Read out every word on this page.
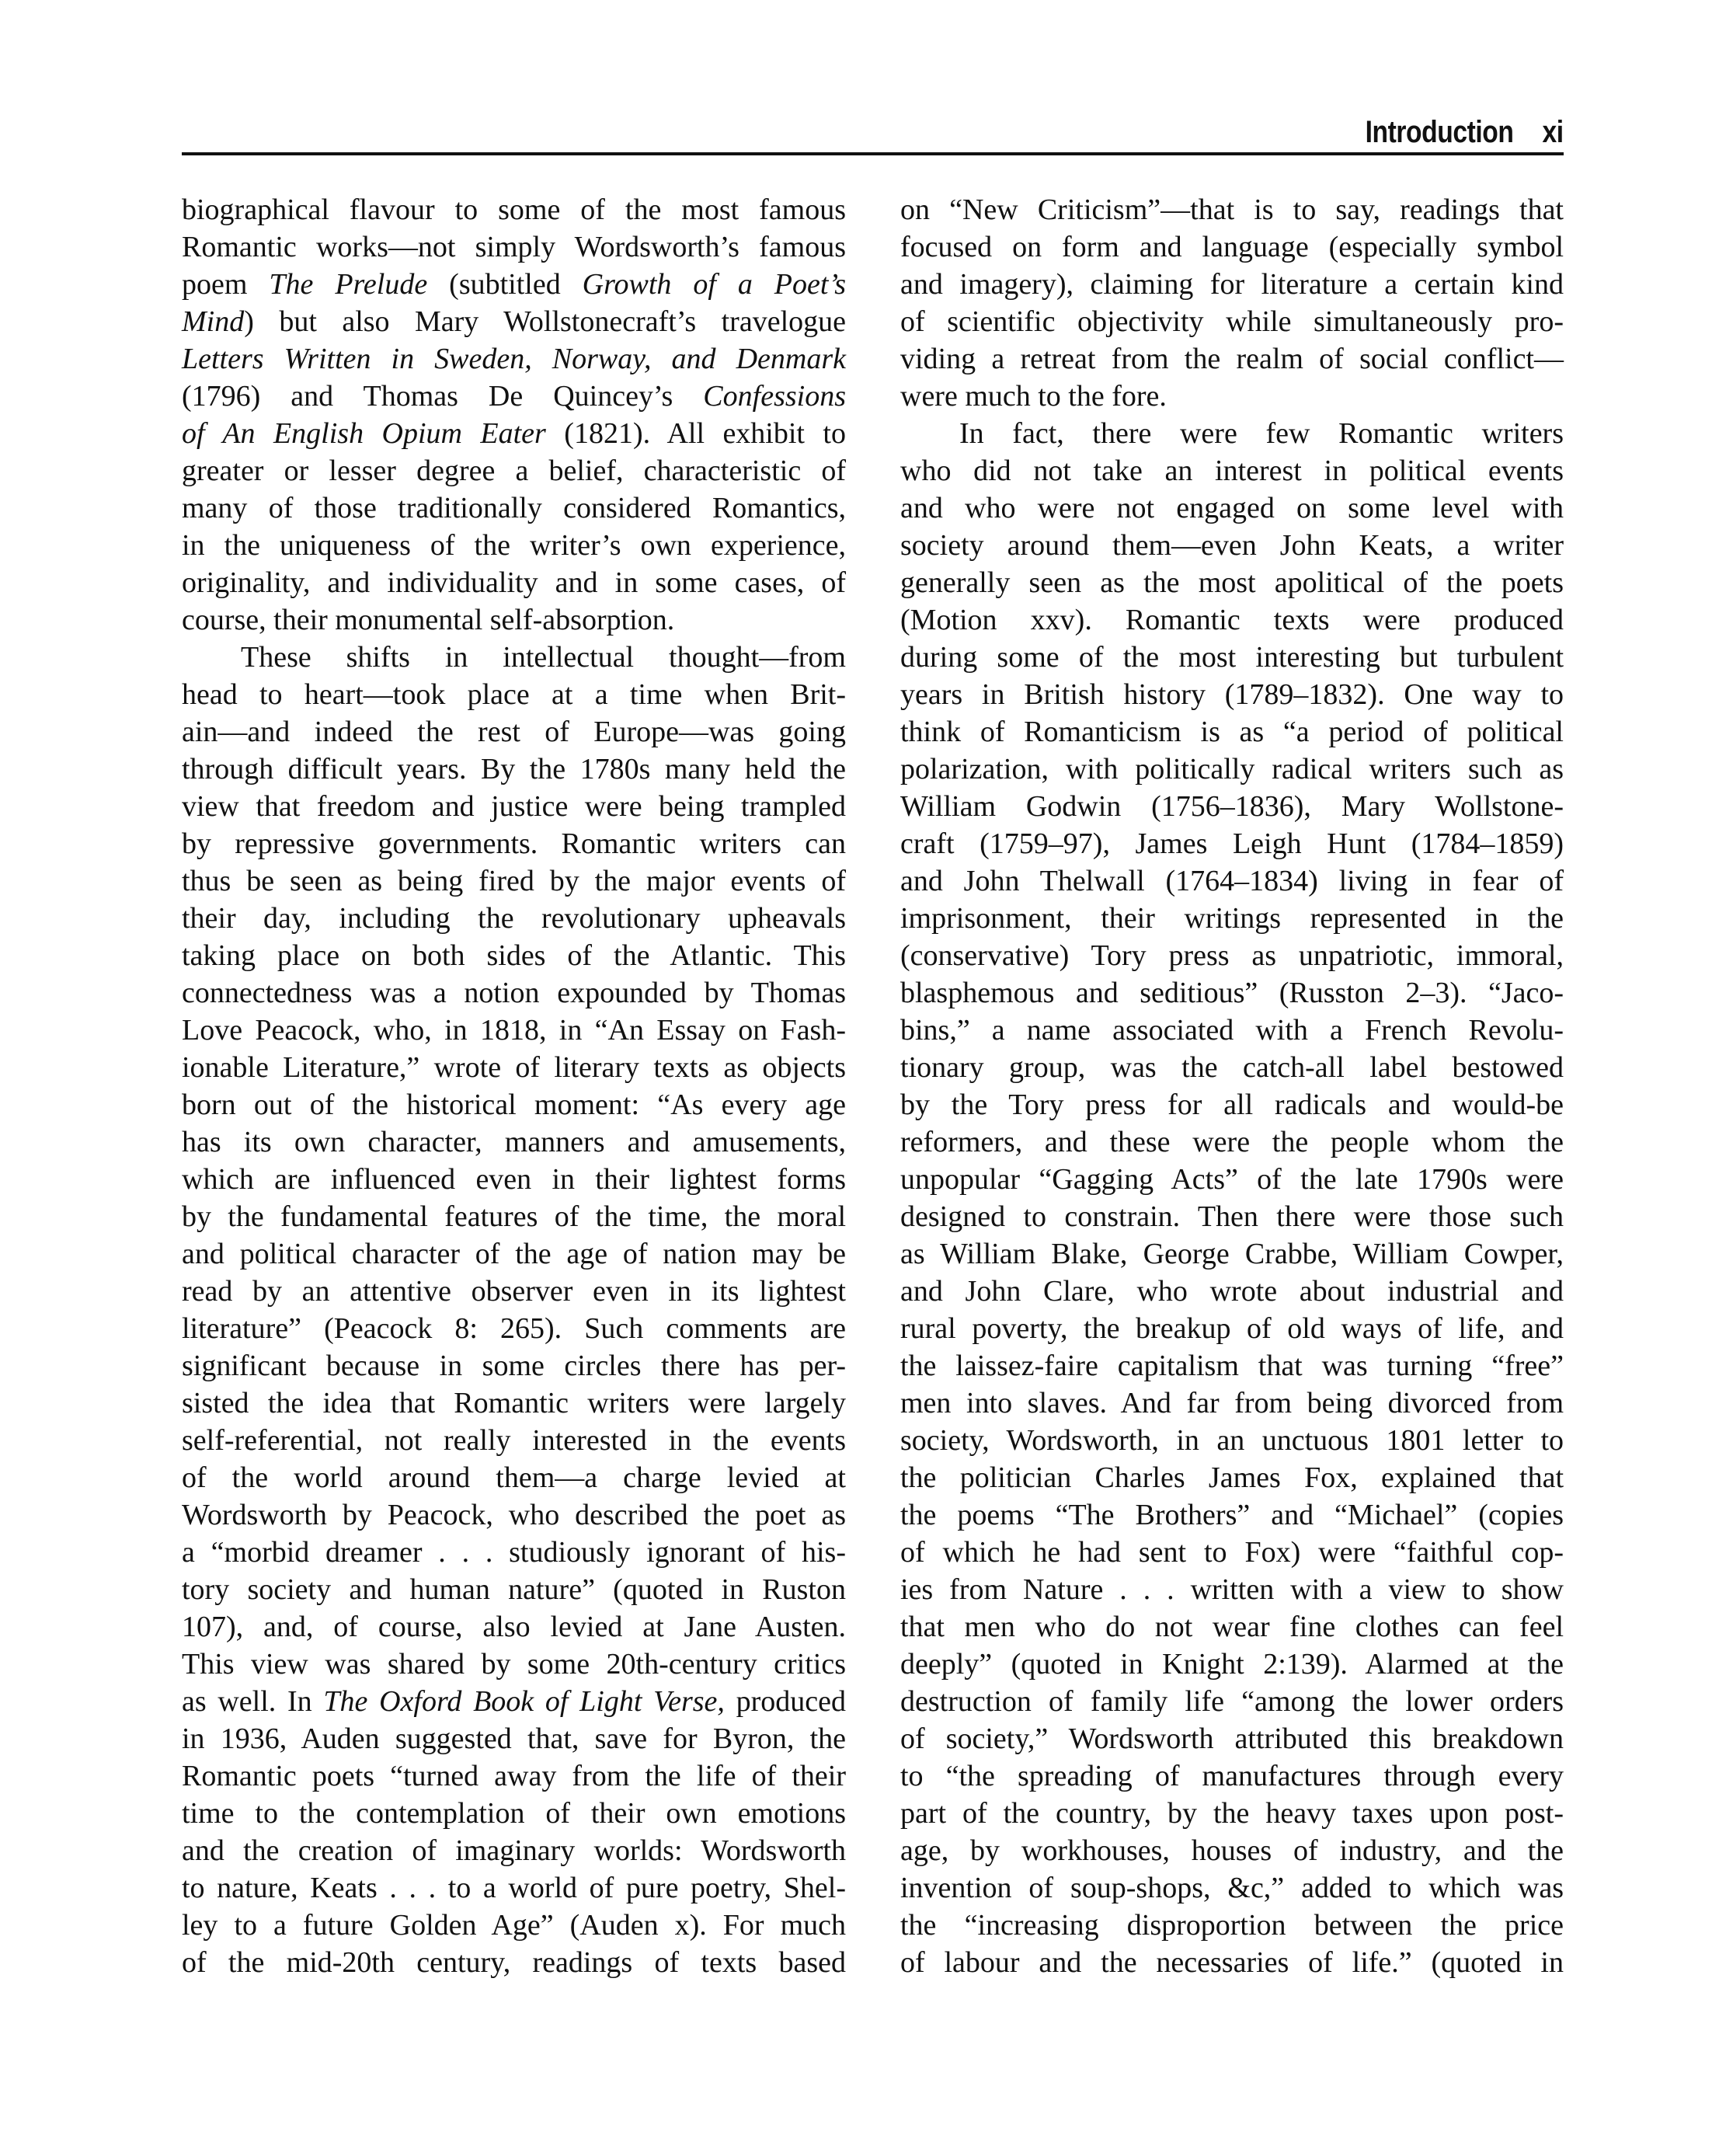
Introduction xi
biographical flavour to some of the most famous
Romantic works—not simply Wordsworth’s famous
poem The Prelude (subtitled Growth of a Poet’s
Mind) but also Mary Wollstonecraft’s travelogue
Letters Written in Sweden, Norway, and Denmark
(1796) and Thomas De Quincey’s Confessions
of An English Opium Eater (1821). All exhibit to
greater or lesser degree a belief, characteristic of
many of those traditionally considered Romantics,
in the uniqueness of the writer’s own experience,
originality, and individuality and in some cases, of
course, their monumental self-absorption.
These shifts in intellectual thought—from
head to heart—took place at a time when Brit-
ain—and indeed the rest of Europe—was going
through difficult years. By the 1780s many held the
view that freedom and justice were being trampled
by repressive governments. Romantic writers can
thus be seen as being fired by the major events of
their day, including the revolutionary upheavals
taking place on both sides of the Atlantic. This
connectedness was a notion expounded by Thomas
Love Peacock, who, in 1818, in “An Essay on Fash-
ionable Literature,” wrote of literary texts as objects
born out of the historical moment: “As every age
has its own character, manners and amusements,
which are influenced even in their lightest forms
by the fundamental features of the time, the moral
and political character of the age of nation may be
read by an attentive observer even in its lightest
literature” (Peacock 8: 265). Such comments are
significant because in some circles there has per-
sisted the idea that Romantic writers were largely
self-referential, not really interested in the events
of the world around them—a charge levied at
Wordsworth by Peacock, who described the poet as
a “morbid dreamer . . . studiously ignorant of his-
tory society and human nature” (quoted in Ruston
107), and, of course, also levied at Jane Austen.
This view was shared by some 20th-century critics
as well. In The Oxford Book of Light Verse, produced
in 1936, Auden suggested that, save for Byron, the
Romantic poets “turned away from the life of their
time to the contemplation of their own emotions
and the creation of imaginary worlds: Wordsworth
to nature, Keats . . . to a world of pure poetry, Shel-
ley to a future Golden Age” (Auden x). For much
of the mid-20th century, readings of texts based
on “New Criticism”—that is to say, readings that
focused on form and language (especially symbol
and imagery), claiming for literature a certain kind
of scientific objectivity while simultaneously pro-
viding a retreat from the realm of social conflict—
were much to the fore.
In fact, there were few Romantic writers
who did not take an interest in political events
and who were not engaged on some level with
society around them—even John Keats, a writer
generally seen as the most apolitical of the poets
(Motion xxv). Romantic texts were produced
during some of the most interesting but turbulent
years in British history (1789–1832). One way to
think of Romanticism is as “a period of political
polarization, with politically radical writers such as
William Godwin (1756–1836), Mary Wollstone-
craft (1759–97), James Leigh Hunt (1784–1859)
and John Thelwall (1764–1834) living in fear of
imprisonment, their writings represented in the
(conservative) Tory press as unpatriotic, immoral,
blasphemous and seditious” (Russton 2–3). “Jaco-
bins,” a name associated with a French Revolu-
tionary group, was the catch-all label bestowed
by the Tory press for all radicals and would-be
reformers, and these were the people whom the
unpopular “Gagging Acts” of the late 1790s were
designed to constrain. Then there were those such
as William Blake, George Crabbe, William Cowper,
and John Clare, who wrote about industrial and
rural poverty, the breakup of old ways of life, and
the laissez-faire capitalism that was turning “free”
men into slaves. And far from being divorced from
society, Wordsworth, in an unctuous 1801 letter to
the politician Charles James Fox, explained that
the poems “The Brothers” and “Michael” (copies
of which he had sent to Fox) were “faithful cop-
ies from Nature . . . written with a view to show
that men who do not wear fine clothes can feel
deeply” (quoted in Knight 2:139). Alarmed at the
destruction of family life “among the lower orders
of society,” Wordsworth attributed this breakdown
to “the spreading of manufactures through every
part of the country, by the heavy taxes upon post-
age, by workhouses, houses of industry, and the
invention of soup-shops, &c,” added to which was
the “increasing disproportion between the price
of labour and the necessaries of life.” (quoted in
